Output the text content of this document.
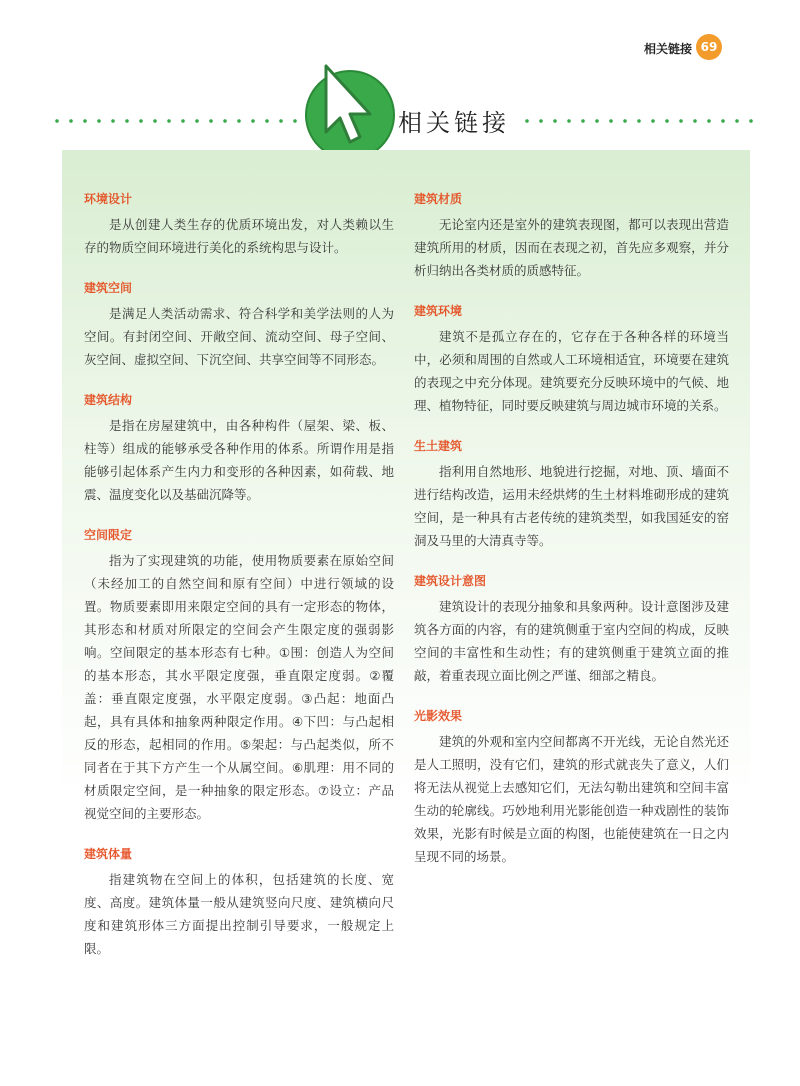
相关链接 69
相关链接
环境设计

是从创建人类生存的优质环境出发，对人类赖以生存的物质空间环境进行美化的系统构思与设计。

建筑空间

是满足人类活动需求、符合科学和美学法则的人为空间。有封闭空间、开敞空间、流动空间、母子空间、灰空间、虚拟空间、下沉空间、共享空间等不同形态。

建筑结构

是指在房屋建筑中，由各种构件（屋架、梁、板、柱等）组成的能够承受各种作用的体系。所谓作用是指能够引起体系产生内力和变形的各种因素，如荷载、地震、温度变化以及基础沉降等。

空间限定

指为了实现建筑的功能，使用物质要素在原始空间（未经加工的自然空间和原有空间）中进行领域的设置。物质要素即用来限定空间的具有一定形态的物体，其形态和材质对所限定的空间会产生限定度的强弱影响。空间限定的基本形态有七种。①围：创造人为空间的基本形态，其水平限定度强，垂直限定度弱。②覆盖：垂直限定度强，水平限定度弱。③凸起：地面凸起，具有具体和抽象两种限定作用。④下凹：与凸起相反的形态，起相同的作用。⑤架起：与凸起类似，所不同者在于其下方产生一个从属空间。⑥肌理：用不同的材质限定空间，是一种抽象的限定形态。⑦设立：产品视觉空间的主要形态。

建筑体量

指建筑物在空间上的体积，包括建筑的长度、宽度、高度。建筑体量一般从建筑竖向尺度、建筑横向尺度和建筑形体三方面提出控制引导要求，一般规定上限。

建筑材质

无论室内还是室外的建筑表现图，都可以表现出营造建筑所用的材质，因而在表现之初，首先应多观察，并分析归纳出各类材质的质感特征。

建筑环境

建筑不是孤立存在的，它存在于各种各样的环境当中，必须和周围的自然或人工环境相适宜，环境要在建筑的表现之中充分体现。建筑要充分反映环境中的气候、地理、植物特征，同时要反映建筑与周边城市环境的关系。

生土建筑

指利用自然地形、地貌进行挖掘，对地、顶、墙面不进行结构改造，运用未经烘烤的生土材料堆砌形成的建筑空间，是一种具有古老传统的建筑类型，如我国延安的窑洞及马里的大清真寺等。

建筑设计意图

建筑设计的表现分抽象和具象两种。设计意图涉及建筑各方面的内容，有的建筑侧重于室内空间的构成，反映空间的丰富性和生动性；有的建筑侧重于建筑立面的推敲，着重表现立面比例之严谨、细部之精良。

光影效果

建筑的外观和室内空间都离不开光线，无论自然光还是人工照明，没有它们，建筑的形式就丧失了意义，人们将无法从视觉上去感知它们，无法勾勒出建筑和空间丰富生动的轮廓线。巧妙地利用光影能创造一种戏剧性的装饰效果，光影有时候是立面的构图，也能使建筑在一日之内呈现不同的场景。
